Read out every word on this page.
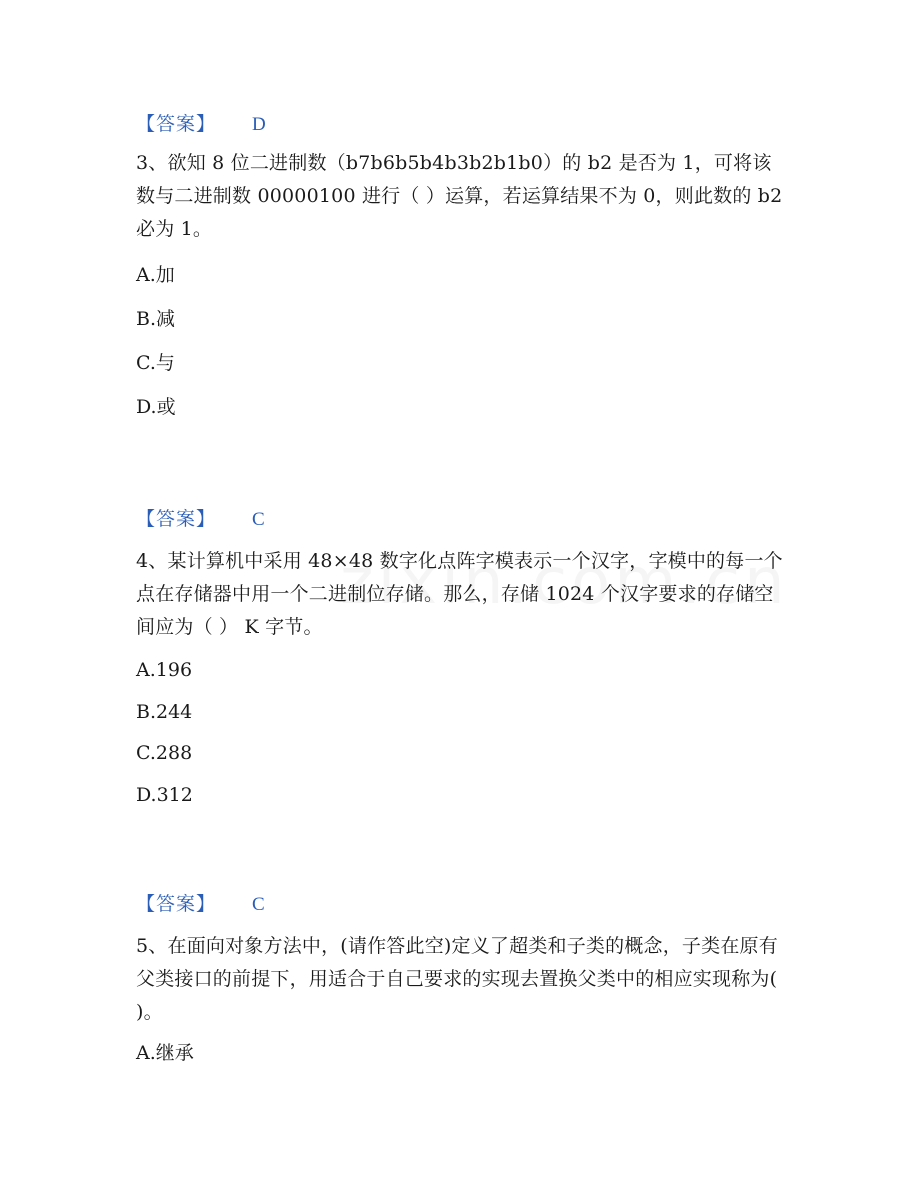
【答案】 D
3、欲知 8 位二进制数（b7b6b5b4b3b2b1b0）的 b2 是否为 1，可将该数与二进制数 00000100 进行（ ）运算，若运算结果不为 0，则此数的 b2 必为 1。
A.加
B.减
C.与
D.或
【答案】 C
4、某计算机中采用 48×48 数字化点阵字模表示一个汉字，字模中的每一个点在存储器中用一个二进制位存储。那么，存储 1024 个汉字要求的存储空间应为（ ） K 字节。
A.196
B.244
C.288
D.312
【答案】 C
5、在面向对象方法中，(请作答此空)定义了超类和子类的概念，子类在原有父类接口的前提下，用适合于自己要求的实现去置换父类中的相应实现称为( )。
A.继承
